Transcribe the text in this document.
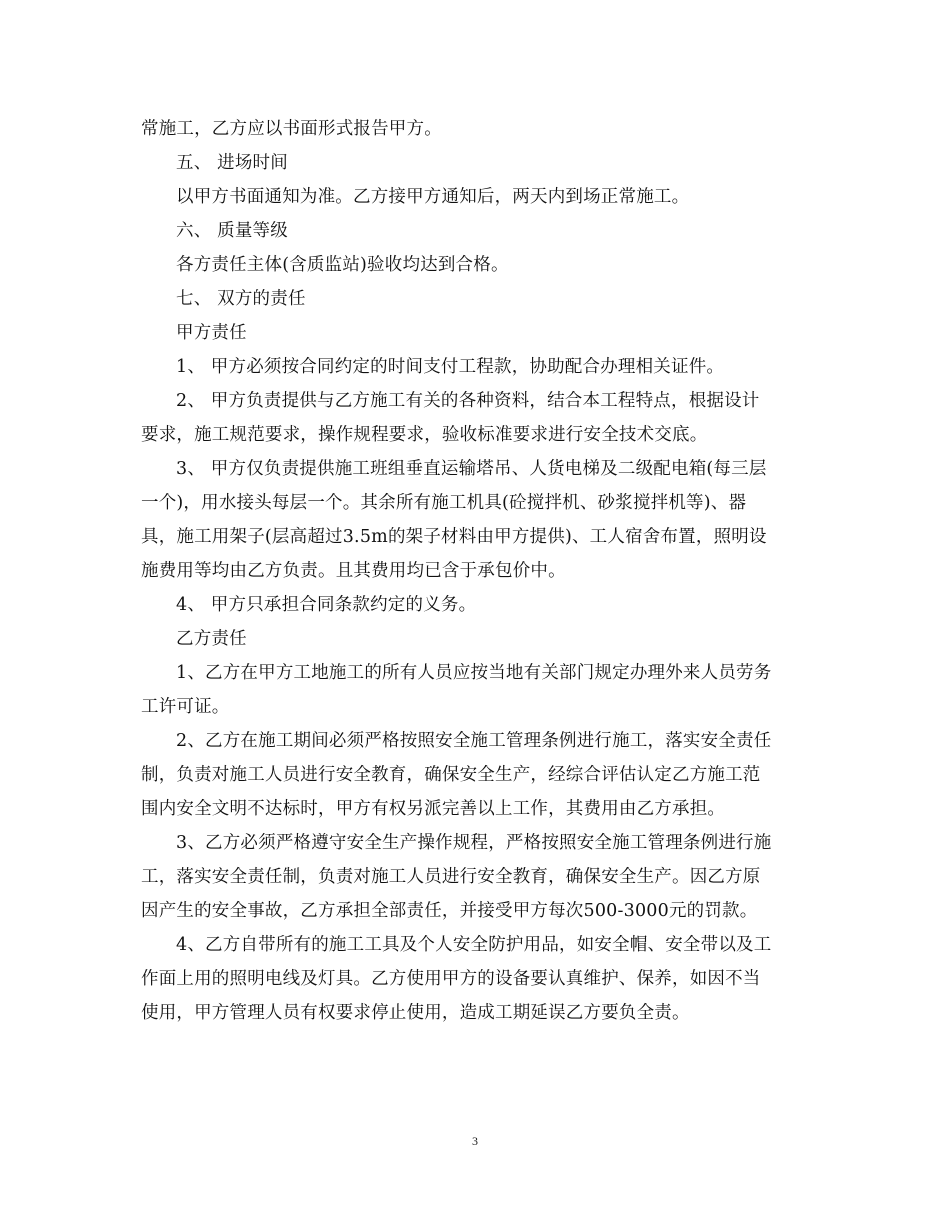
常施工，乙方应以书面形式报告甲方。
五、 进场时间
以甲方书面通知为准。乙方接甲方通知后，两天内到场正常施工。
六、 质量等级
各方责任主体(含质监站)验收均达到合格。
七、 双方的责任
甲方责任
1、 甲方必须按合同约定的时间支付工程款，协助配合办理相关证件。
2、 甲方负责提供与乙方施工有关的各种资料，结合本工程特点，根据设计
要求，施工规范要求，操作规程要求，验收标准要求进行安全技术交底。
3、 甲方仅负责提供施工班组垂直运输塔吊、人货电梯及二级配电箱(每三层
一个)，用水接头每层一个。其余所有施工机具(砼搅拌机、砂浆搅拌机等)、器
具，施工用架子(层高超过3.5m的架子材料由甲方提供)、工人宿舍布置，照明设
施费用等均由乙方负责。且其费用均已含于承包价中。
4、 甲方只承担合同条款约定的义务。
乙方责任
1、乙方在甲方工地施工的所有人员应按当地有关部门规定办理外来人员劳务
工许可证。
2、乙方在施工期间必须严格按照安全施工管理条例进行施工，落实安全责任
制，负责对施工人员进行安全教育，确保安全生产，经综合评估认定乙方施工范
围内安全文明不达标时，甲方有权另派完善以上工作，其费用由乙方承担。
3、乙方必须严格遵守安全生产操作规程，严格按照安全施工管理条例进行施
工，落实安全责任制，负责对施工人员进行安全教育，确保安全生产。因乙方原
因产生的安全事故，乙方承担全部责任，并接受甲方每次500-3000元的罚款。
4、乙方自带所有的施工工具及个人安全防护用品，如安全帽、安全带以及工
作面上用的照明电线及灯具。乙方使用甲方的设备要认真维护、保养，如因不当
使用，甲方管理人员有权要求停止使用，造成工期延误乙方要负全责。
3
